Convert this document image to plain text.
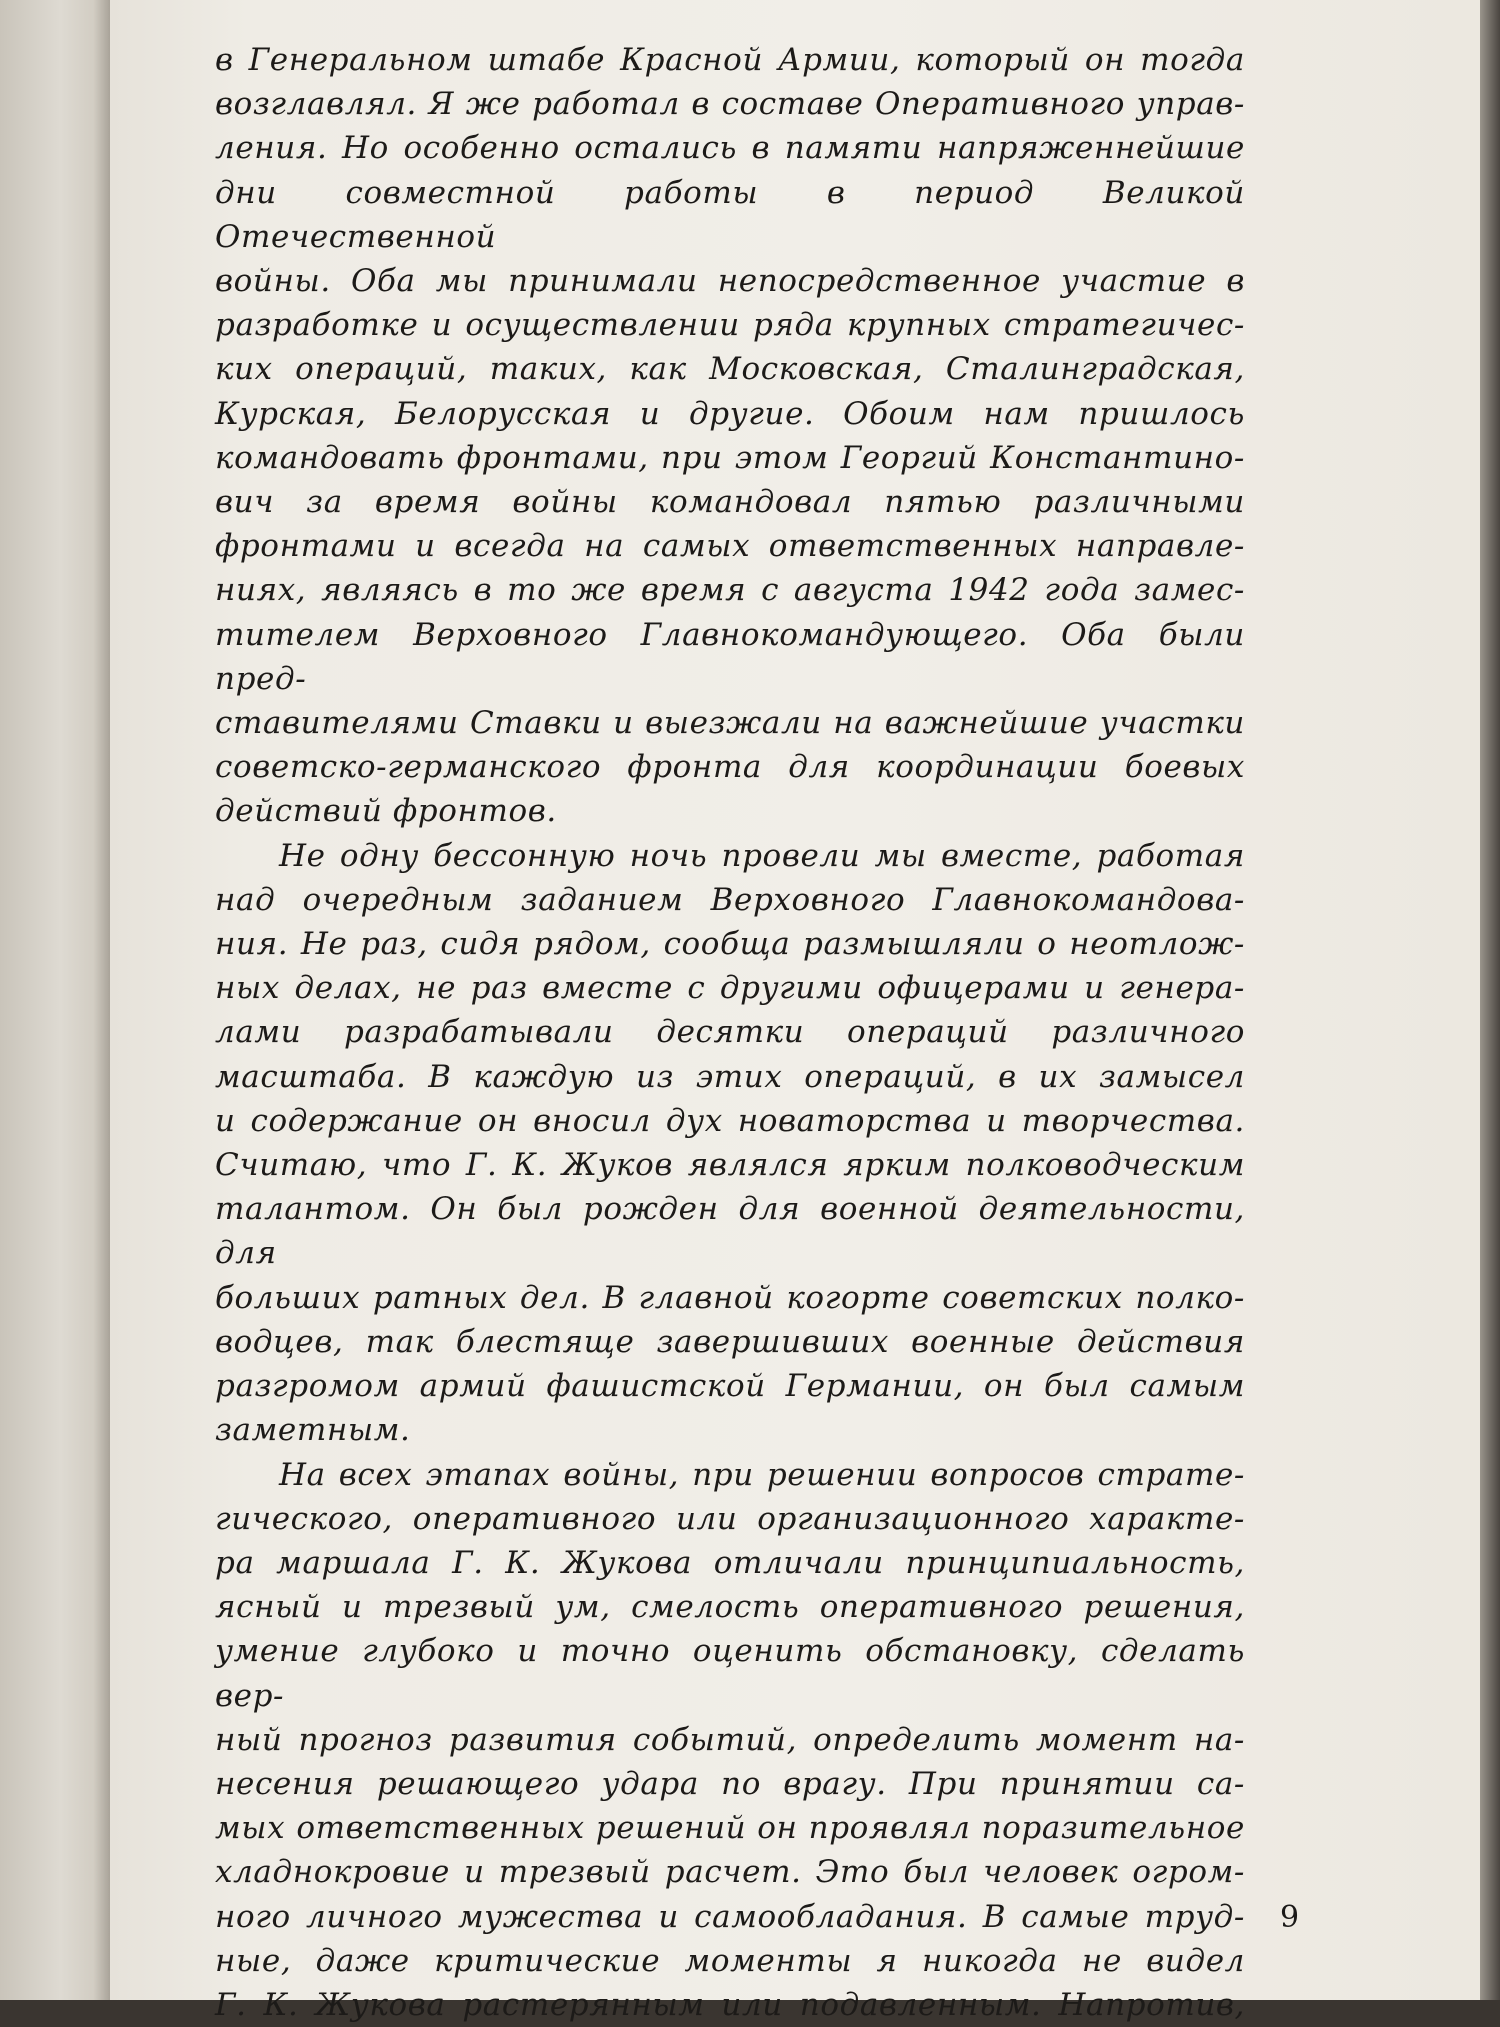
в Генеральном штабе Красной Армии, который он тогда

возглавлял. Я же работал в составе Оперативного управ-

ления. Но особенно остались в памяти напряженнейшие

дни совместной работы в период Великой Отечественной

войны. Оба мы принимали непосредственное участие в

разработке и осуществлении ряда крупных стратегичес-

ких операций, таких, как Московская, Сталинградская,

Курская, Белорусская и другие. Обоим нам пришлось

командовать фронтами, при этом Георгий Константино-

вич за время войны командовал пятью различными

фронтами и всегда на самых ответственных направле-

ниях, являясь в то же время с августа 1942 года замес-

тителем Верховного Главнокомандующего. Оба были пред-

ставителями Ставки и выезжали на важнейшие участки

советско-германского фронта для координации боевых

действий фронтов.

Не одну бессонную ночь провели мы вместе, работая

над очередным заданием Верховного Главнокомандова-

ния. Не раз, сидя рядом, сообща размышляли о неотлож-

ных делах, не раз вместе с другими офицерами и генера-

лами разрабатывали десятки операций различного

масштаба. В каждую из этих операций, в их замысел

и содержание он вносил дух новаторства и творчества.

Считаю, что Г. К. Жуков являлся ярким полководческим

талантом. Он был рожден для военной деятельности, для

больших ратных дел. В главной когорте советских полко-

водцев, так блестяще завершивших военные действия

разгромом армий фашистской Германии, он был самым

заметным.

На всех этапах войны, при решении вопросов страте-

гического, оперативного или организационного характе-

ра маршала Г. К. Жукова отличали принципиальность,

ясный и трезвый ум, смелость оперативного решения,

умение глубоко и точно оценить обстановку, сделать вер-

ный прогноз развития событий, определить момент на-

несения решающего удара по врагу. При принятии са-

мых ответственных решений он проявлял поразительное

хладнокровие и трезвый расчет. Это был человек огром-

ного личного мужества и самообладания. В самые труд-

ные, даже критические моменты я никогда не видел

Г. К. Жукова растерянным или подавленным. Напротив,

9
